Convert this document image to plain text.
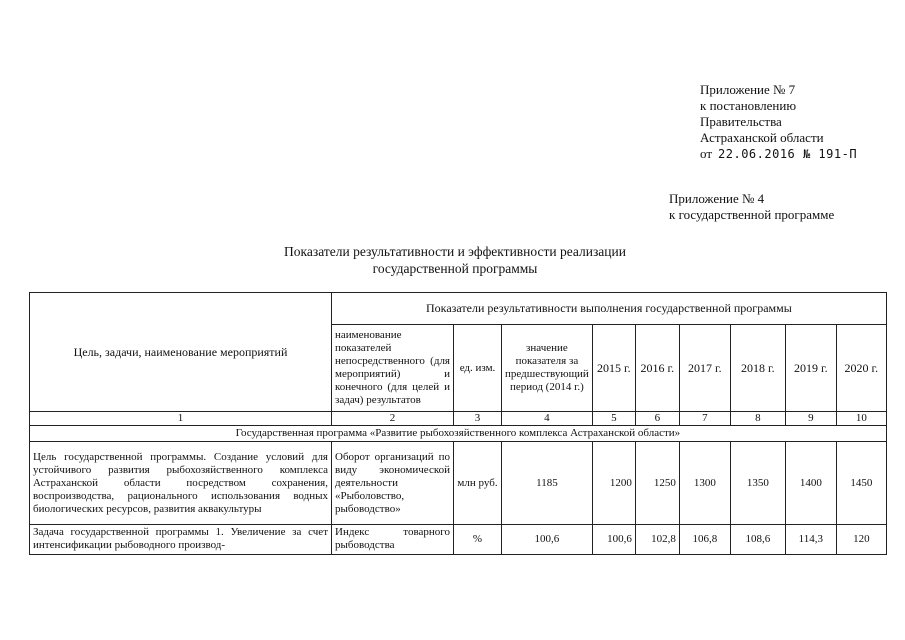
Приложение № 7
к постановлению
Правительства
Астраханской области
от 22.06.2016 № 191-П
Приложение № 4
к государственной программе
Показатели результативности и эффективности реализации
государственной программы
Цель, задачи, наименование мероприятий	Показатели результативности выполнения государственной программы								
	наименование показателей непосредственного (для мероприятий) и конечного (для целей и задач) результатов	ед. изм.	значение показателя за предшествующий период (2014 г.)	2015 г.	2016 г.	2017 г.	2018 г.	2019 г.	2020 г.
1	2	3	4	5	6	7	8	9	10
Государственная программа «Развитие рыбохозяйственного комплекса Астраханской области»									
Цель государственной программы. Создание условий для устойчивого развития рыбохозяйственного комплекса Астраханской области посредством сохранения, воспроизводства, рационального использования водных биологических ресурсов, развития аквакультуры	Оборот организаций по виду экономической деятельности «Рыболовство, рыбоводство»	млн руб.	1185	1200	1250	1300	1350	1400	1450
Задача государственной программы 1. Увеличение за счет интенсификации рыбоводного производ-	Индекс товарного рыбоводства	%	100,6	100,6	102,8	106,8	108,6	114,3	120
